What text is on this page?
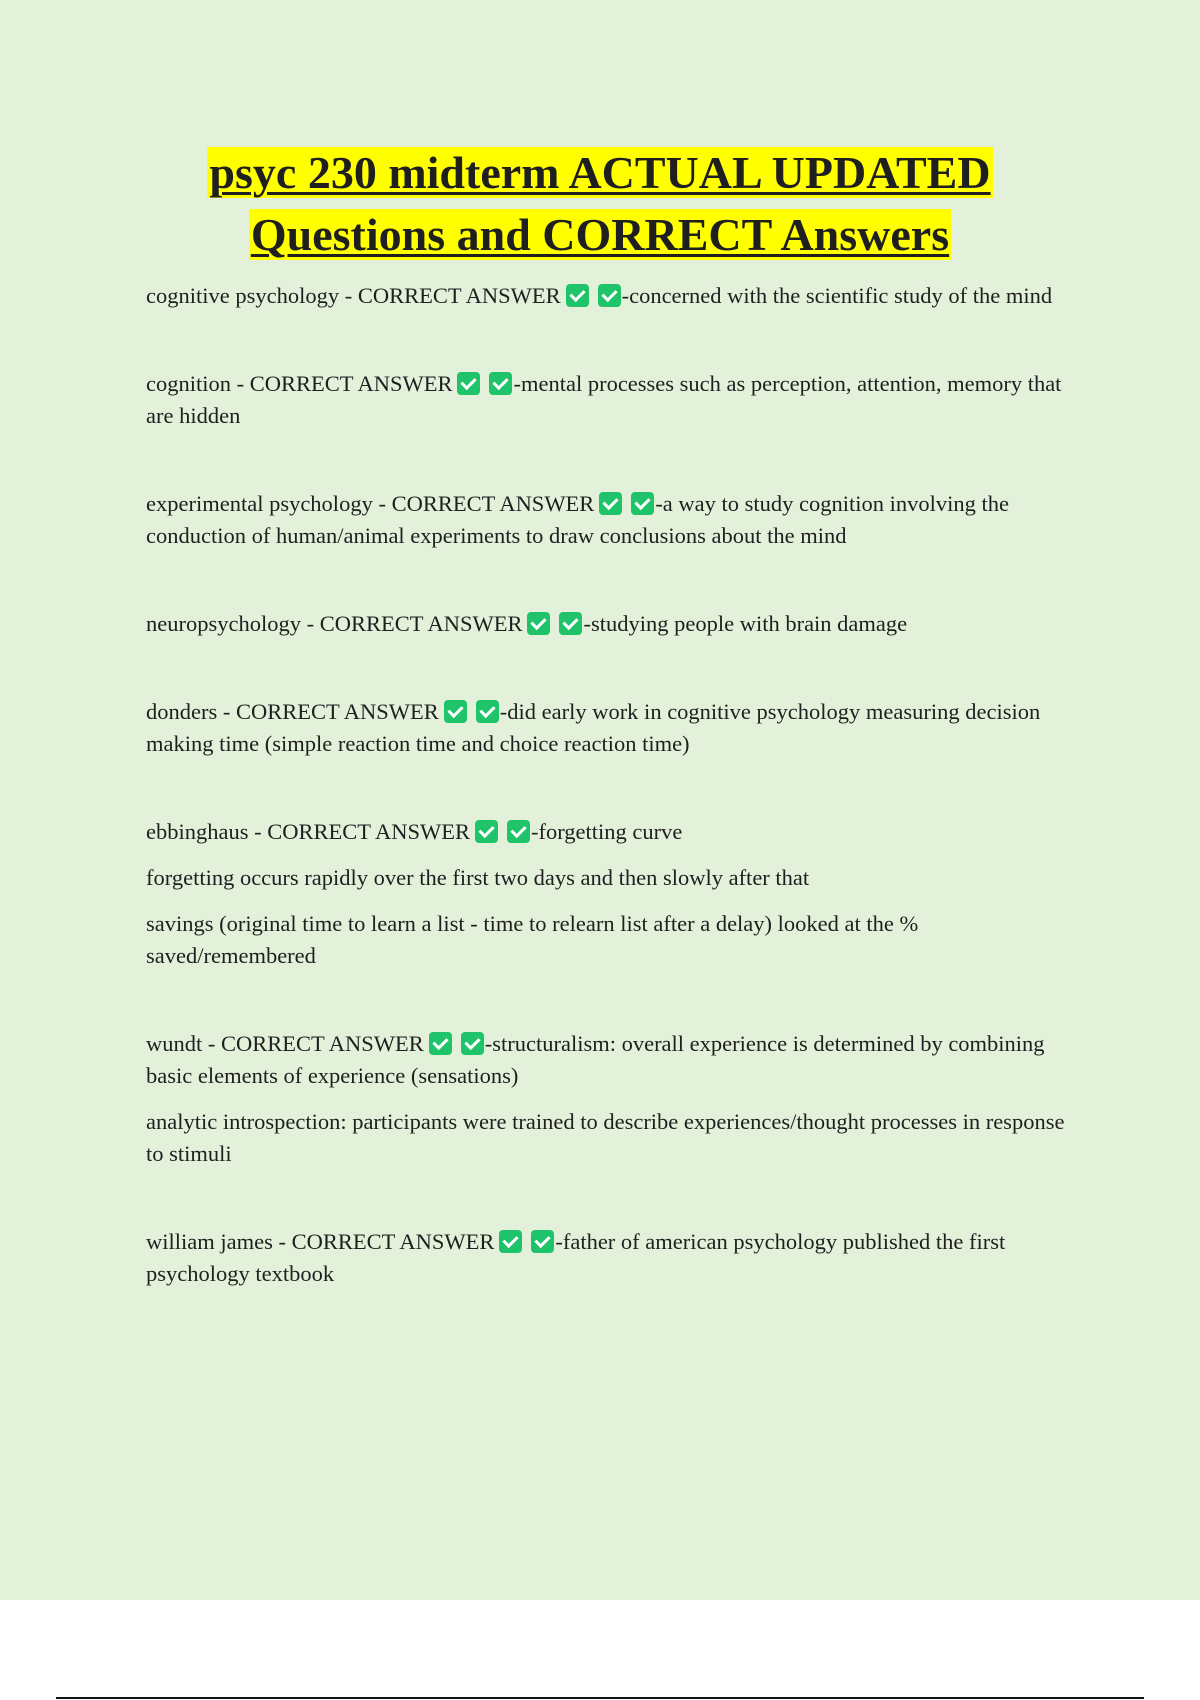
psyc 230 midterm ACTUAL UPDATED
Questions and CORRECT Answers

cognitive psychology - CORRECT ANSWER	-concerned with the scientific study of the mind

cognition - CORRECT ANSWER	-mental processes such as perception, attention, memory that are hidden

experimental psychology - CORRECT ANSWER	-a way to study cognition involving the conduction of human/animal experiments to draw conclusions about the mind

neuropsychology - CORRECT ANSWER	-studying people with brain damage

donders - CORRECT ANSWER	-did early work in cognitive psychology measuring decision making time (simple reaction time and choice reaction time)

ebbinghaus - CORRECT ANSWER	-forgetting curve

forgetting occurs rapidly over the first two days and then slowly after that

savings (original time to learn a list - time to relearn list after a delay) looked at the % saved/remembered

wundt - CORRECT ANSWER	-structuralism: overall experience is determined by combining basic elements of experience (sensations)

analytic introspection: participants were trained to describe experiences/thought processes in response to stimuli

william james - CORRECT ANSWER	-father of american psychology published the first psychology textbook
